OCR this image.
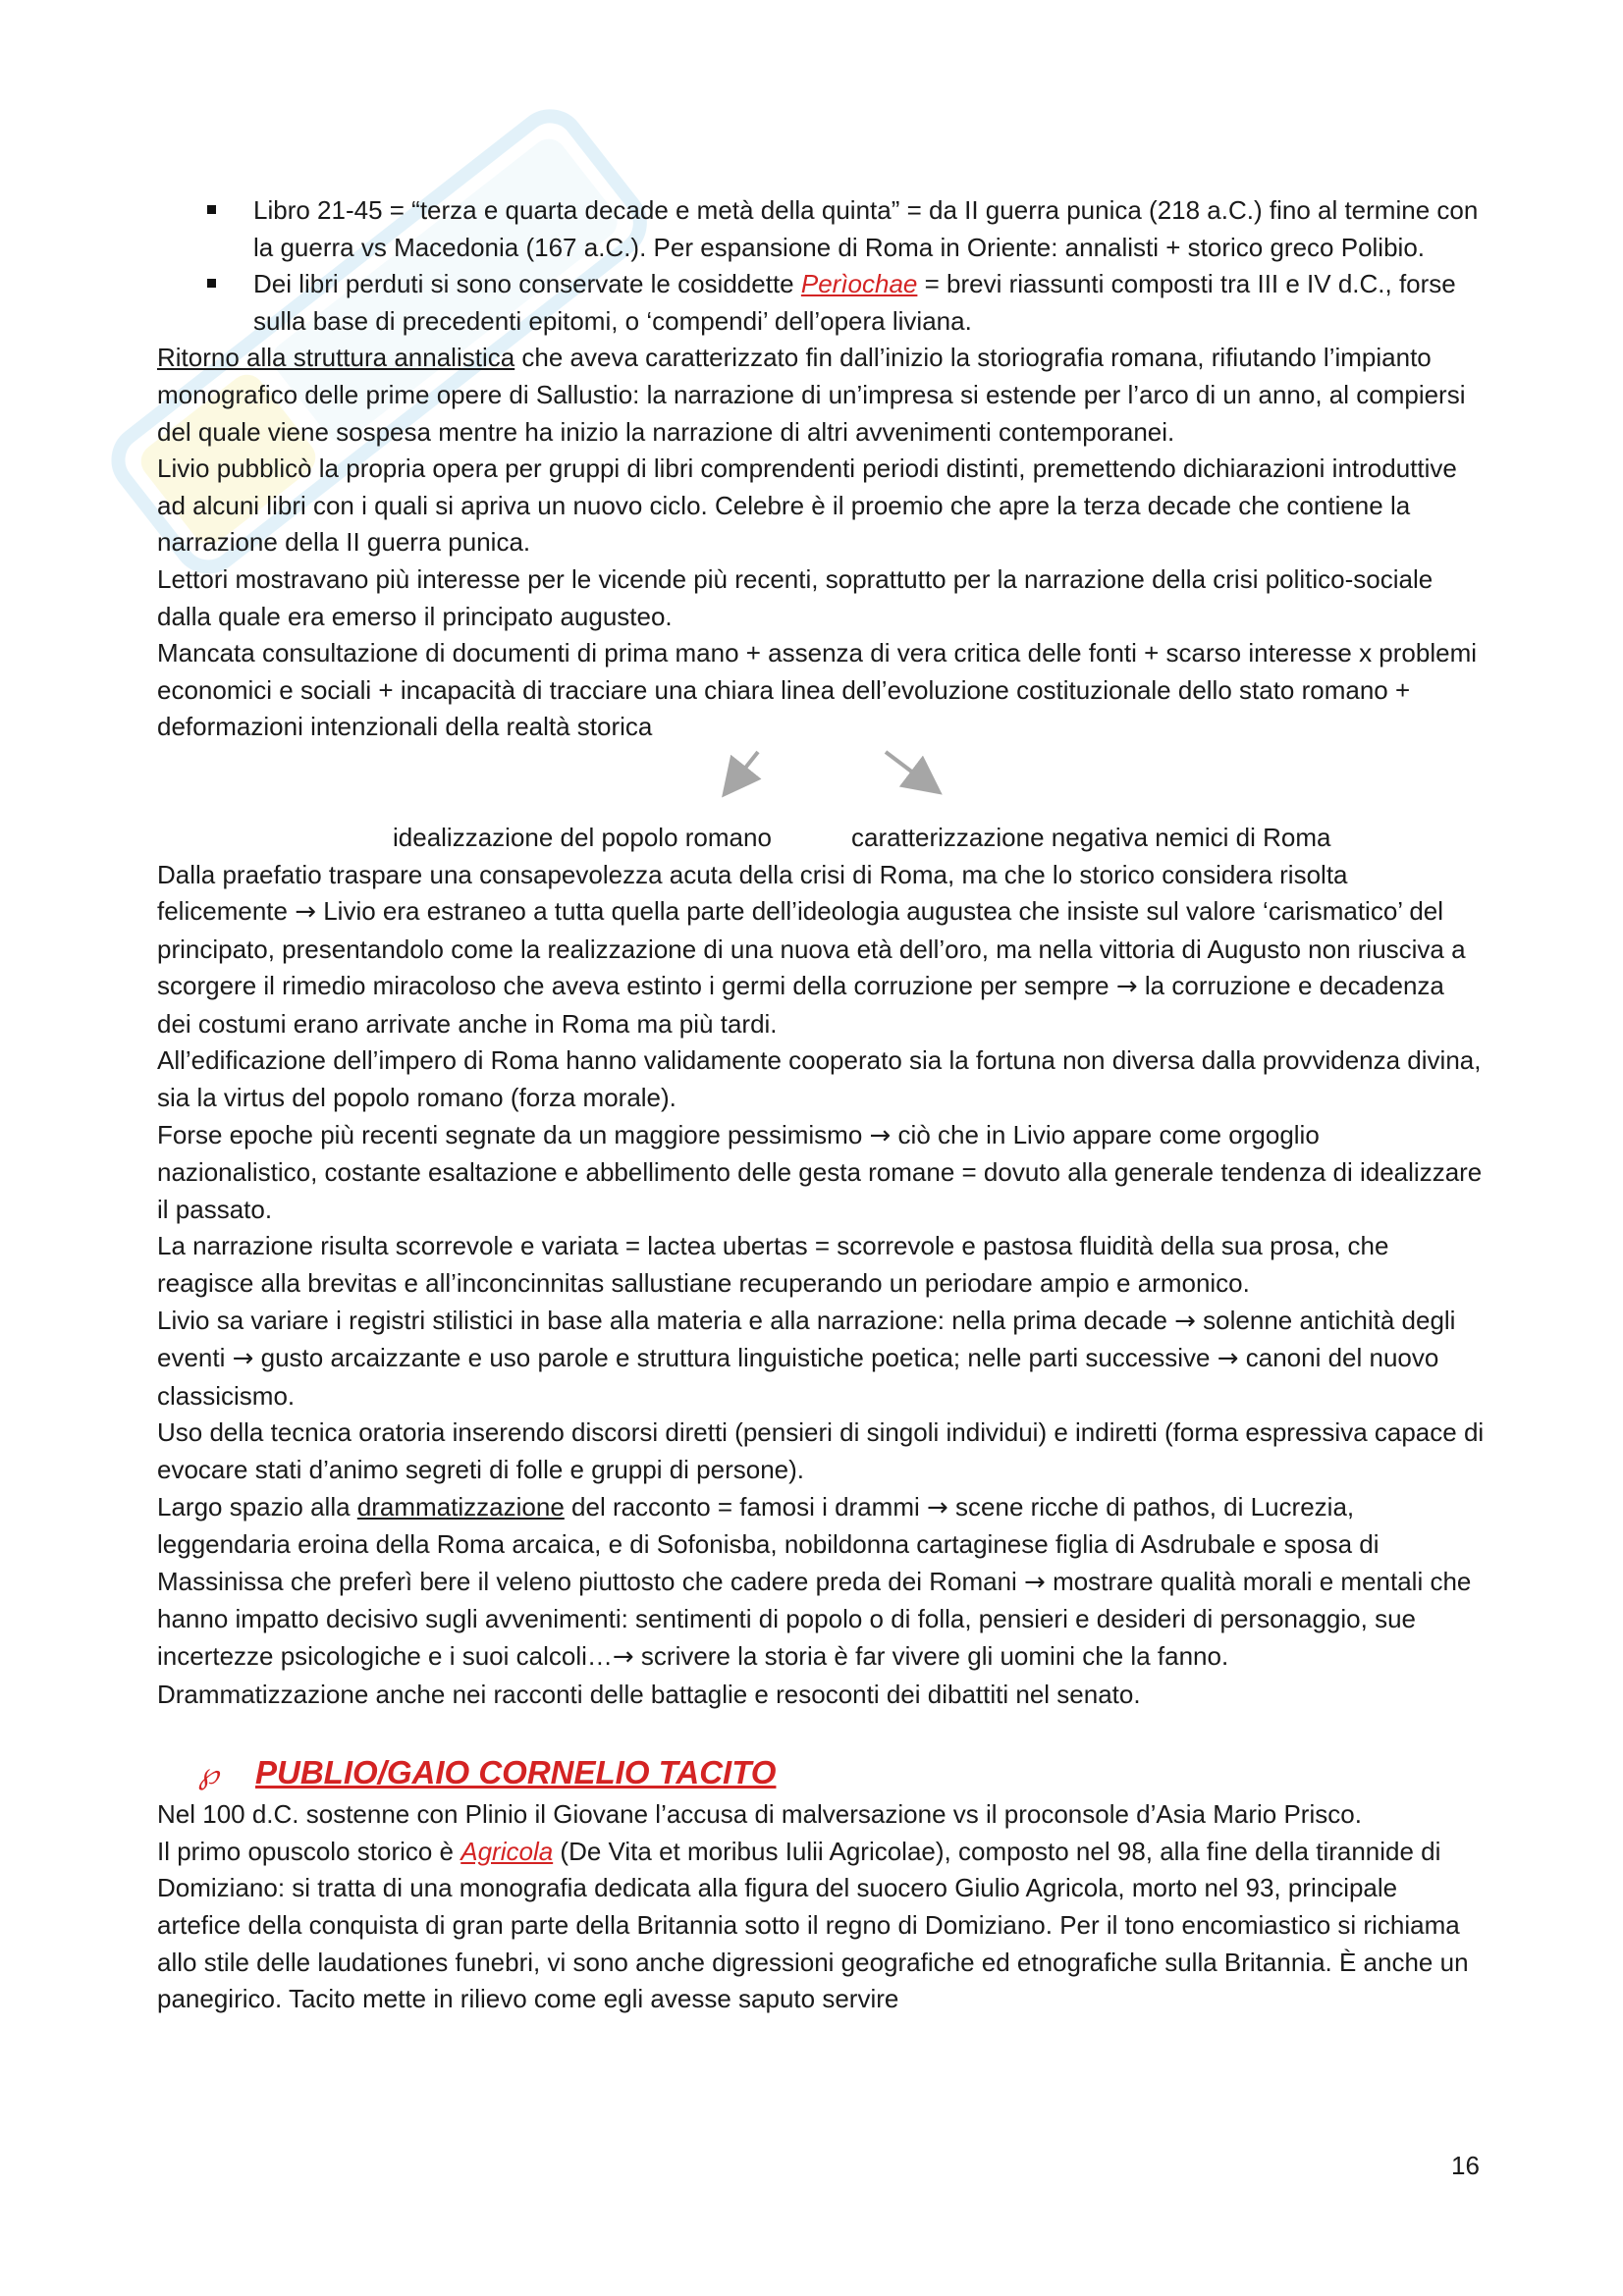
Libro 21-45 = “terza e quarta decade e metà della quinta” = da II guerra punica (218 a.C.) fino al termine con la guerra vs Macedonia (167 a.C.). Per espansione di Roma in Oriente: annalisti + storico greco Polibio.
Dei libri perduti si sono conservate le cosiddette Perìochae = brevi riassunti composti tra III e IV d.C., forse sulla base di precedenti epitomi, o ‘compendi’ dell’opera liviana.

Ritorno alla struttura annalistica che aveva caratterizzato fin dall’inizio la storiografia romana, rifiutando l’impianto monografico delle prime opere di Sallustio: la narrazione di un’impresa si estende per l’arco di un anno, al compiersi del quale viene sospesa mentre ha inizio la narrazione di altri avvenimenti contemporanei.

Livio pubblicò la propria opera per gruppi di libri comprendenti periodi distinti, premettendo dichiarazioni introduttive ad alcuni libri con i quali si apriva un nuovo ciclo. Celebre è il proemio che apre la terza decade che contiene la narrazione della II guerra punica.

Lettori mostravano più interesse per le vicende più recenti, soprattutto per la narrazione della crisi politico-sociale dalla quale era emerso il principato augusteo.

Mancata consultazione di documenti di prima mano + assenza di vera critica delle fonti + scarso interesse x problemi economici e sociali + incapacità di tracciare una chiara linea dell’evoluzione costituzionale dello stato romano + deformazioni intenzionali della realtà storica

idealizzazione del popolo romano	caratterizzazione negativa nemici di Roma

Dalla praefatio traspare una consapevolezza acuta della crisi di Roma, ma che lo storico considera risolta felicemente → Livio era estraneo a tutta quella parte dell’ideologia augustea che insiste sul valore ‘carismatico’ del principato, presentandolo come la realizzazione di una nuova età dell’oro, ma nella vittoria di Augusto non riusciva a scorgere il rimedio miracoloso che aveva estinto i germi della corruzione per sempre → la corruzione e decadenza dei costumi erano arrivate anche in Roma ma più tardi.

All’edificazione dell’impero di Roma hanno validamente cooperato sia la fortuna non diversa dalla provvidenza divina, sia la virtus del popolo romano (forza morale).

Forse epoche più recenti segnate da un maggiore pessimismo → ciò che in Livio appare come orgoglio nazionalistico, costante esaltazione e abbellimento delle gesta romane = dovuto alla generale tendenza di idealizzare il passato.

La narrazione risulta scorrevole e variata = lactea ubertas = scorrevole e pastosa fluidità della sua prosa, che reagisce alla brevitas e all’inconcinnitas sallustiane recuperando un periodare ampio e armonico.

Livio sa variare i registri stilistici in base alla materia e alla narrazione: nella prima decade → solenne antichità degli eventi → gusto arcaizzante e uso parole e struttura linguistiche poetica; nelle parti successive → canoni del nuovo classicismo.

Uso della tecnica oratoria inserendo discorsi diretti (pensieri di singoli individui) e indiretti (forma espressiva capace di evocare stati d’animo segreti di folle e gruppi di persone).

Largo spazio alla drammatizzazione del racconto = famosi i drammi → scene ricche di pathos, di Lucrezia, leggendaria eroina della Roma arcaica, e di Sofonisba, nobildonna cartaginese figlia di Asdrubale e sposa di Massinissa che preferì bere il veleno piuttosto che cadere preda dei Romani → mostrare qualità morali e mentali che hanno impatto decisivo sugli avvenimenti: sentimenti di popolo o di folla, pensieri e desideri di personaggio, sue incertezze psicologiche e i suoi calcoli…→ scrivere la storia è far vivere gli uomini che la fanno.

Drammatizzazione anche nei racconti delle battaglie e resoconti dei dibattiti nel senato.

℘ PUBLIO/GAIO CORNELIO TACITO

Nel 100 d.C. sostenne con Plinio il Giovane l’accusa di malversazione vs il proconsole d’Asia Mario Prisco.

Il primo opuscolo storico è Agricola (De Vita et moribus Iulii Agricolae), composto nel 98, alla fine della tirannide di Domiziano: si tratta di una monografia dedicata alla figura del suocero Giulio Agricola, morto nel 93, principale artefice della conquista di gran parte della Britannia sotto il regno di Domiziano. Per il tono encomiastico si richiama allo stile delle laudationes funebri, vi sono anche digressioni geografiche ed etnografiche sulla Britannia. È anche un panegirico. Tacito mette in rilievo come egli avesse saputo servire

16
